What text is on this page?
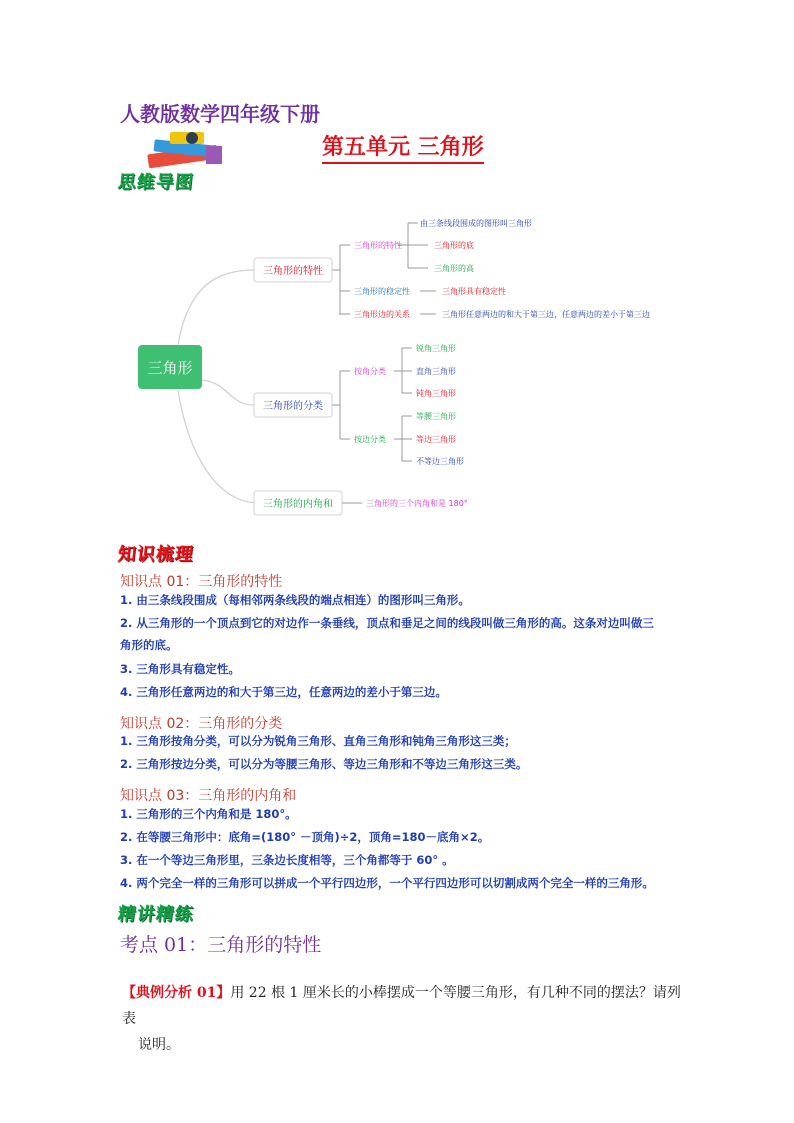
人教版数学四年级下册
第五单元 三角形
思维导图
三角形
三角形的特性
三角形的分类
三角形的内角和
三角形的特性
由三条线段围成的图形叫三角形
三角形的底
三角形的高
三角形的稳定性	三角形具有稳定性
三角形边的关系	三角形任意两边的和大于第三边，任意两边的差小于第三边
按角分类
锐角三角形
直角三角形
钝角三角形
按边分类
等腰三角形
等边三角形
不等边三角形
三角形的三个内角和是 180°
知识梳理
知识点 01：三角形的特性
1. 由三条线段围成（每相邻两条线段的端点相连）的图形叫三角形。
2. 从三角形的一个顶点到它的对边作一条垂线，顶点和垂足之间的线段叫做三角形的高。这条对边叫做三
角形的底。
3. 三角形具有稳定性。
4. 三角形任意两边的和大于第三边，任意两边的差小于第三边。
知识点 02：三角形的分类
1. 三角形按角分类，可以分为锐角三角形、直角三角形和钝角三角形这三类；
2. 三角形按边分类，可以分为等腰三角形、等边三角形和不等边三角形这三类。
知识点 03：三角形的内角和
1. 三角形的三个内角和是 180°。
2. 在等腰三角形中：底角=(180° －顶角)÷2，顶角=180－底角×2。
3. 在一个等边三角形里，三条边长度相等，三个角都等于 60° 。
4. 两个完全一样的三角形可以拼成一个平行四边形，一个平行四边形可以切割成两个完全一样的三角形。
精讲精练
考点 01：三角形的特性
【典例分析 01】用 22 根 1 厘米长的小棒摆成一个等腰三角形，有几种不同的摆法？请列表
说明。
